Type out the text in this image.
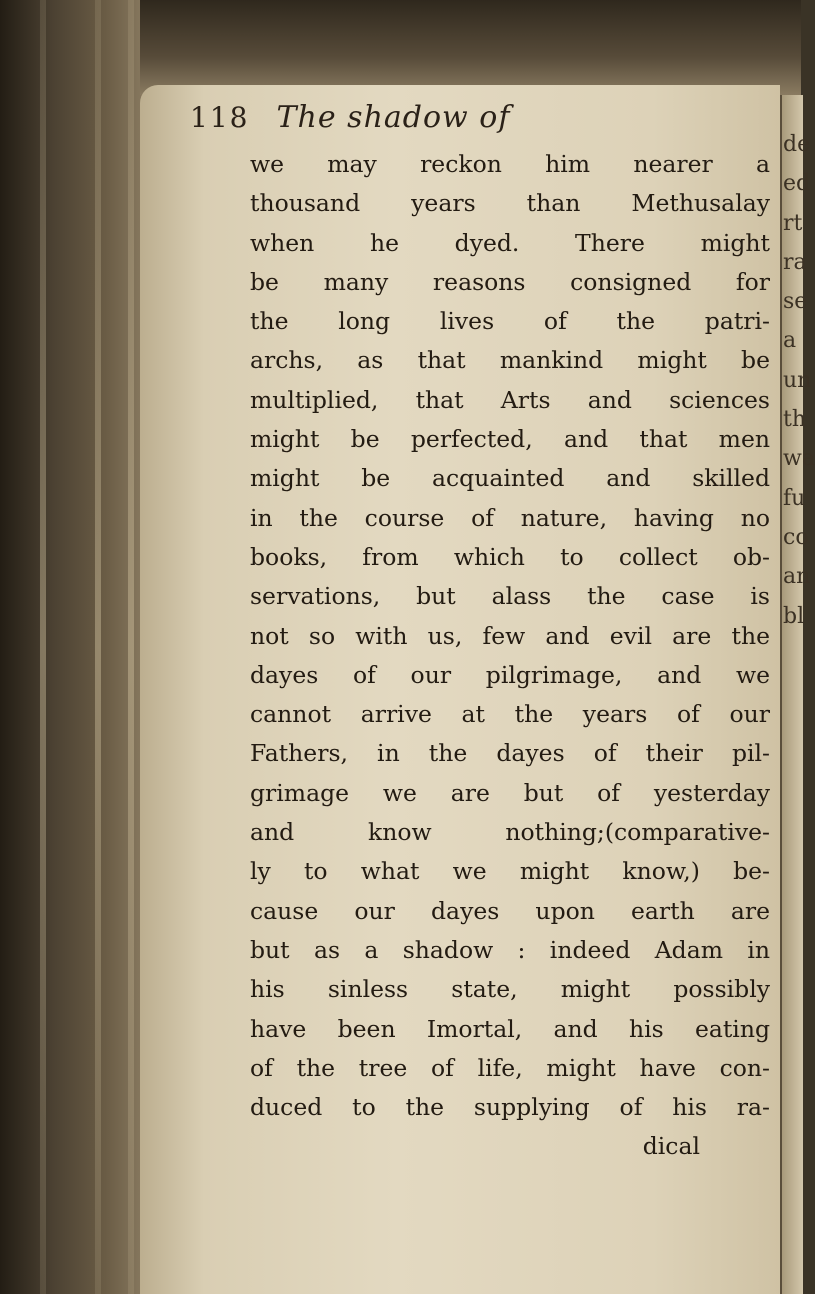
de
ed
rt
ra
se
a
un
th
wa
fu
co
an
bl
118 The shadow of
we may reckon him nearer a
thousand years than Methusalay
when he dyed. There might
be many reasons consigned for
the long lives of the patri-
archs, as that mankind might be
multiplied, that Arts and sciences
might be perfected, and that men
might be acquainted and skilled
in the course of nature, having no
books, from which to collect ob-
servations, but alass the case is
not so with us, few and evil are the
dayes of our pilgrimage, and we
cannot arrive at the years of our
Fathers, in the dayes of their pil-
grimage we are but of yesterday
and know nothing;(comparative-
ly to what we might know,) be-
cause our dayes upon earth are
but as a shadow : indeed Adam in
his sinless state, might possibly
have been Imortal, and his eating
of the tree of life, might have con-
duced to the supplying of his ra-
dical
